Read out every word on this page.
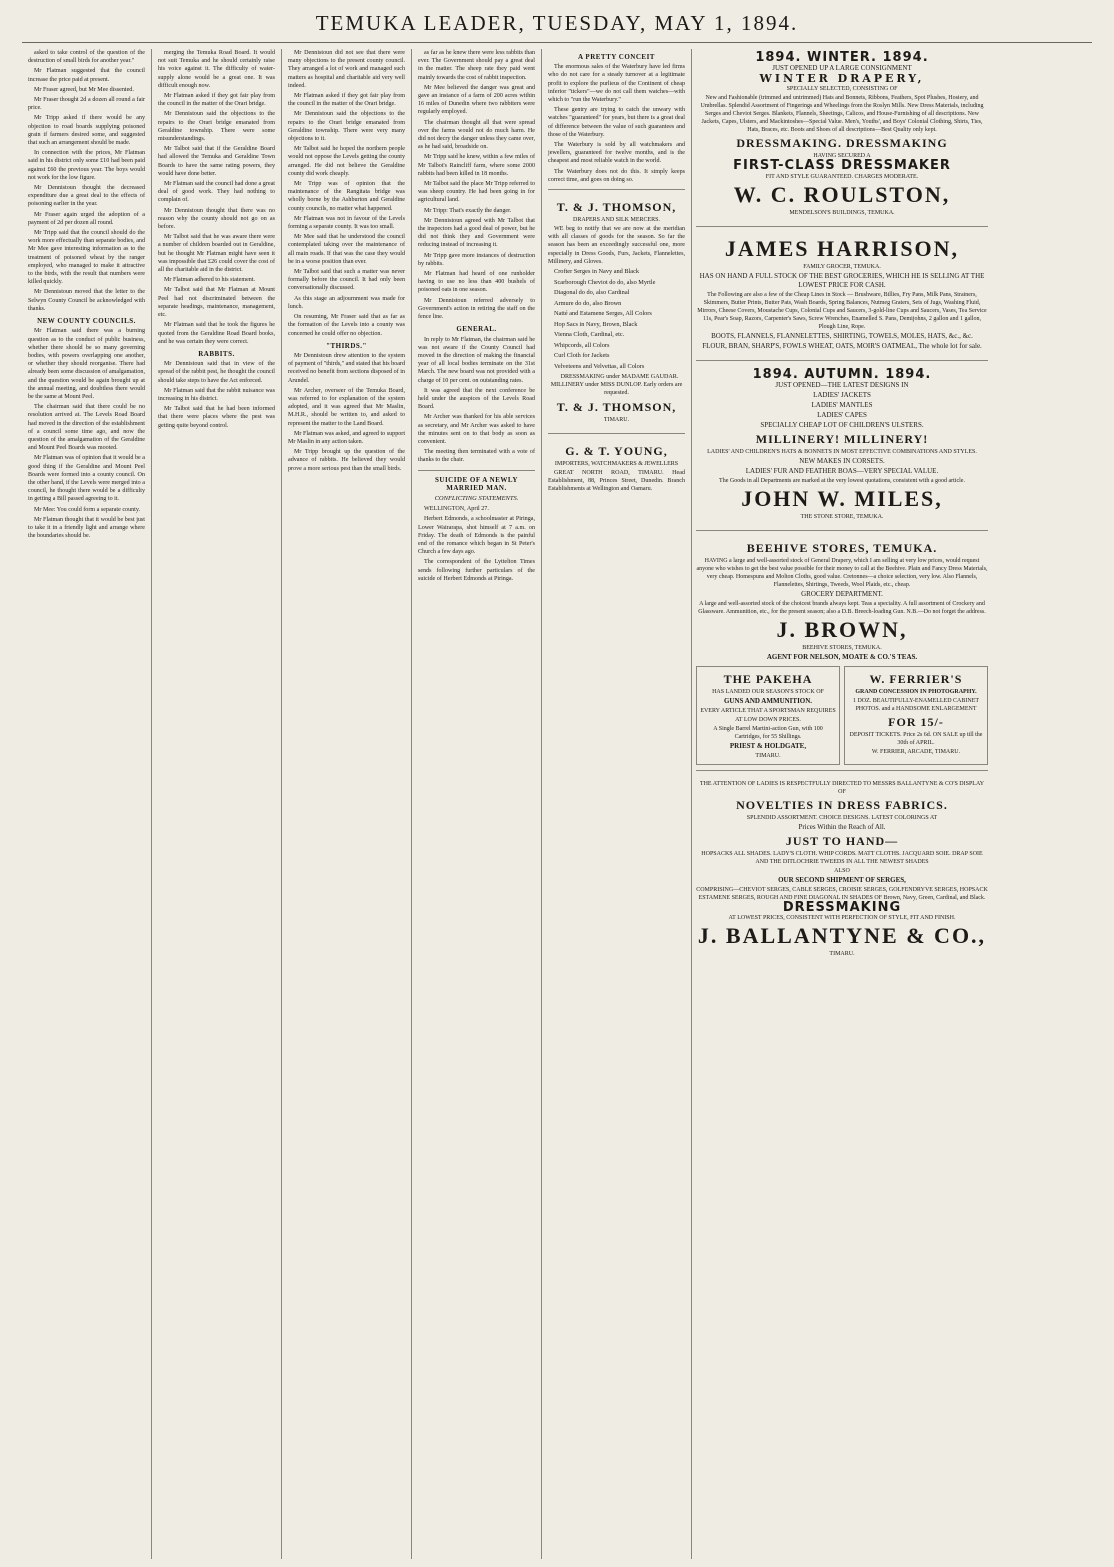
TEMUKA LEADER, TUESDAY, MAY 1, 1894.

asked to take control of the question of the destruction of small birds for another year."

Mr Flatman suggested that the council increase the price paid at present.

Mr Fraser agreed, but Mr Mee dissented.

Mr Fraser thought 2d a dozen all round a fair price.

Mr Tripp asked if there would be any objection to road boards supplying poisoned grain if farmers desired some, and suggested that such an arrangement should be made.

In connection with the prices, Mr Flatman said in his district only some £10 had been paid against £60 the previous year. The boys would not work for the low figure.

Mr Dennistoun thought the decreased expenditure due a great deal to the effects of poisoning earlier in the year.

Mr Fraser again urged the adoption of a payment of 2d per dozen all round.

Mr Tripp said that the council should do the work more effectually than separate bodies, and Mr Mee gave interesting information as to the treatment of poisoned wheat by the ranger employed, who managed to make it attractive to the birds, with the result that numbers were killed quickly.

Mr Dennistoun moved that the letter to the Selwyn County Council be acknowledged with thanks.

NEW COUNTY COUNCILS.

Mr Flatman said there was a burning question as to the conduct of public business, whether there should be so many governing bodies, with powers overlapping one another, or whether they should reorganise. There had already been some discussion of amalgamation, and the question would be again brought up at the annual meeting, and doubtless there would be the same at Mount Peel.

The chairman said that there could be no resolution arrived at. The Levels Road Board had moved in the direction of the establishment of a council some time ago, and now the question of the amalgamation of the Geraldine and Mount Peel Boards was mooted.

Mr Flatman was of opinion that it would be a good thing if the Geraldine and Mount Peel Boards were formed into a county council. On the other hand, if the Levels were merged into a council, he thought there would be a difficulty in getting a Bill passed agreeing to it.

Mr Mee: You could form a separate county.

Mr Flatman thought that it would be best just to take it in a friendly light and arrange where the boundaries should be.

merging the Temuka Road Board. It would not suit Temuka and he should certainly raise his voice against it. The difficulty of water-supply alone would be a great one. It was difficult enough now.

Mr Flatman asked if they got fair play from the council in the matter of the Orari bridge.

Mr Dennistoun said the objections to the repairs to the Orari bridge emanated from Geraldine township. There were some misunderstandings.

Mr Talbot said that if the Geraldine Board had allowed the Temuka and Geraldine Town Boards to have the same rating powers, they would have done better.

Mr Flatman said the council had done a great deal of good work. They had nothing to complain of.

Mr Dennistoun thought that there was no reason why the county should not go on as before.

Mr Talbot said that he was aware there were a number of children boarded out in Geraldine, but he thought Mr Flatman might have seen it was impossible that £26 could cover the cost of all the charitable aid in the district.

Mr Flatman adhered to his statement.

Mr Talbot said that Mr Flatman at Mount Peel had not discriminated between the separate headings, maintenance, management, etc.

Mr Flatman said that he took the figures he quoted from the Geraldine Road Board books, and he was certain they were correct.

RABBITS.

Mr Dennistoun said that in view of the spread of the rabbit pest, he thought the council should take steps to have the Act enforced.

Mr Flatman said that the rabbit nuisance was increasing in his district.

Mr Talbot said that he had been informed that there were places where the pest was getting quite beyond control.

Mr Dennistoun did not see that there were many objections to the present county council. They arranged a lot of work and managed such matters as hospital and charitable aid very well indeed.

Mr Flatman asked if they got fair play from the council in the matter of the Orari bridge.

Mr Dennistoun said the objections to the repairs to the Orari bridge emanated from Geraldine township. There were very many objections to it.

Mr Talbot said he hoped the northern people would not oppose the Levels getting the county arranged. He did not believe the Geraldine county did work cheaply.

Mr Tripp was of opinion that the maintenance of the Rangitata bridge was wholly borne by the Ashburton and Geraldine county councils, no matter what happened.

Mr Flatman was not in favour of the Levels forming a separate county. It was too small.

Mr Mee said that he understood the council contemplated taking over the maintenance of all main roads. If that was the case they would be in a worse position than ever.

Mr Talbot said that such a matter was never formally before the council. It had only been conversationally discussed.

As this stage an adjournment was made for lunch.

On resuming, Mr Fraser said that as far as the formation of the Levels into a county was concerned he could offer no objection.

"THIRDS."

Mr Dennistoun drew attention to the system of payment of "thirds," and stated that his board received no benefit from sections disposed of in Arundel.

Mr Archer, overseer of the Temuka Board, was referred to for explanation of the system adopted, and it was agreed that Mr Maslin, M.H.R., should be written to, and asked to represent the matter to the Land Board.

Mr Flatman was asked, and agreed to support Mr Maslin in any action taken.

Mr Tripp brought up the question of the advance of rabbits. He believed they would prove a more serious pest than the small birds.

as far as he knew there were less rabbits than ever. The Government should pay a great deal in the matter. The sheep rate they paid went mainly towards the cost of rabbit inspection.

Mr Mee believed the danger was great and gave an instance of a farm of 200 acres within 16 miles of Dunedin where two rabbiters were regularly employed.

The chairman thought all that were spread over the farms would not do much harm. He did not decry the danger unless they came over, as he had said, broadside on.

Mr Tripp said he knew, within a few miles of Mr Talbot's Raincliff farm, where some 2000 rabbits had been killed in 18 months.

Mr Talbot said the place Mr Tripp referred to was sheep country. He had been going in for agricultural land.

Mr Tripp: That's exactly the danger.

Mr Dennistoun agreed with Mr Talbot that the inspectors had a good deal of power, but he did not think they and Government were reducing instead of increasing it.

Mr Tripp gave more instances of destruction by rabbits.

Mr Flatman had heard of one runholder having to use no less than 400 bushels of poisoned oats in one season.

Mr Dennistoun referred adversely to Government's action in retiring the staff on the fence line.

GENERAL.

In reply to Mr Flatman, the chairman said he was not aware if the County Council had moved in the direction of making the financial year of all local bodies terminate on the 31st March. The new board was not provided with a charge of 10 per cent. on outstanding rates.

It was agreed that the next conference be held under the auspices of the Levels Road Board.

Mr Archer was thanked for his able services as secretary, and Mr Archer was asked to have the minutes sent on to that body as soon as convenient.

The meeting then terminated with a vote of thanks to the chair.

SUICIDE OF A NEWLY MARRIED MAN.
CONFLICTING STATEMENTS.

WELLINGTON, April 27.

Herbert Edmonds, a schoolmaster at Piringa, Lower Wairarapa, shot himself at 7 a.m. on Friday. The death of Edmonds is the painful end of the romance which began in St Peter's Church a few days ago.

The correspondent of the Lyttelton Times sends following further particulars of the suicide of Herbert Edmonds at Piringa.

A PRETTY CONCEIT

The enormous sales of the Waterbury have led firms who do not care for a steady turnover at a legitimate profit to explore the purlieus of the Continent of cheap inferior "tickers"—we do not call them watches—with which to "run the Waterbury."

These gentry are trying to catch the unwary with watches "guaranteed" for years, but there is a great deal of difference between the value of such guarantees and those of the Waterbury.

The Waterbury is sold by all watchmakers and jewellers, guaranteed for twelve months, and is the cheapest and most reliable watch in the world.

The Waterbury does not do this. It simply keeps correct time, and goes on doing so.

T. & J. THOMSON,
DRAPERS AND SILK MERCERS.

WE beg to notify that we are now at the meridian with all classes of goods for the season. So far the season has been an exceedingly successful one, more especially in Dress Goods, Furs, Jackets, Flannelettes, Millinery, and Gloves.

Crofter Serges in Navy and Black

Scarborough Cheviot do do, also Myrtle

Diagonal do do, also Cardinal

Armure do do, also Brown

Natté and Estamene Serges, All Colors

Hop Sacs in Navy, Brown, Black

Vienna Cloth, Cardinal, etc.

Whipcords, all Colors

Curl Cloth for Jackets

Velveteens and Velvettas, all Colors

DRESSMAKING under MADAME GAUDAR. MILLINERY under MISS DUNLOP. Early orders are requested.

T. & J. THOMSON,
TIMARU.
G. & T. YOUNG,
IMPORTERS, WATCHMAKERS & JEWELLERS

GREAT NORTH ROAD, TIMARU. Head Establishment, 88, Princes Street, Dunedin. Branch Establishments at Wellington and Oamaru.

1894. WINTER. 1894.
JUST OPENED UP A LARGE CONSIGNMENT
WINTER DRAPERY,
SPECIALLY SELECTED, CONSISTING OF
New and Fashionable (trimmed and untrimmed) Hats and Bonnets, Ribbons, Feathers, Spot Plushes, Hosiery, and Umbrellas. Splendid Assortment of Fingerings and Wheelings from the Roslyn Mills. New Dress Materials, including Serges and Cheviot Serges. Blankets, Flannels, Sheetings, Calicos, and House-Furnishing of all descriptions. New Jackets, Capes, Ulsters, and Mackintoshes—Special Value. Men's, Youths', and Boys' Colonial Clothing, Shirts, Ties, Hats, Braces, etc. Boots and Shoes of all descriptions—Best Quality only kept.
DRESSMAKING. DRESSMAKING
HAVING SECURED A
FIRST-CLASS DRESSMAKER
FIT AND STYLE GUARANTEED. CHARGES MODERATE.
W. C. ROULSTON,
MENDELSON'S BUILDINGS, TEMUKA.
JAMES HARRISON,
FAMILY GROCER, TEMUKA.
HAS ON HAND A FULL STOCK OF THE BEST GROCERIES, WHICH HE IS SELLING AT THE LOWEST PRICE FOR CASH.
The Following are also a few of the Cheap Lines in Stock — Brushware, Billies, Fry Pans, Milk Pans, Strainers, Skimmers, Butter Prints, Butter Pats, Wash Boards, Spring Balances, Nutmeg Graters, Sets of Jugs, Washing Fluid, Mirrors, Cheese Covers, Moustache Cups, Colonial Cups and Saucers, 3-gold-line Cups and Saucers, Vases, Tea Service 11s, Pear's Soap, Razors, Carpenter's Saws, Screw Wrenches, Enamelled S. Pans, Demijohns, 2 gallon and 1 gallon, Plough Line, Rope.
BOOTS, FLANNELS, FLANNELETTES, SHIRTING, TOWELS, MOLES, HATS, &c., &c.
FLOUR, BRAN, SHARP'S, FOWLS WHEAT, OATS, MOIR'S OATMEAL, The whole lot for sale.
1894. AUTUMN. 1894.
JUST OPENED—THE LATEST DESIGNS IN
LADIES' JACKETS
LADIES' MANTLES
LADIES' CAPES
SPECIALLY CHEAP LOT OF CHILDREN'S ULSTERS.
MILLINERY! MILLINERY!
LADIES' AND CHILDREN'S HATS & BONNETS IN MOST EFFECTIVE COMBINATIONS AND STYLES.
NEW MAKES IN CORSETS.
LADIES' FUR AND FEATHER BOAS—VERY SPECIAL VALUE.
The Goods in all Departments are marked at the very lowest quotations, consistent with a good article.
JOHN W. MILES,
THE STONE STORE, TEMUKA.
BEEHIVE STORES, TEMUKA.
HAVING a large and well-assorted stock of General Drapery, which I am selling at very low prices, would request anyone who wishes to get the best value possible for their money to call at the Beehive. Plain and Fancy Dress Materials, very cheap. Homespuns and Molton Cloths, good value. Cretonnes—a choice selection, very low. Also Flannels, Flannelettes, Shirtings, Tweeds, Wool Plaids, etc., cheap.
GROCERY DEPARTMENT.
A large and well-assorted stock of the choicest brands always kept. Teas a speciality. A full assortment of Crockery and Glassware. Ammunition, etc., for the present season; also a D.B. Breech-loading Gun. N.B.—Do not forget the address.
J. BROWN,
BEEHIVE STORES, TEMUKA.
AGENT FOR NELSON, MOATE & CO.'S TEAS.
THE PAKEHA
HAS LANDED OUR SEASON'S STOCK OF
GUNS AND AMMUNITION.
EVERY ARTICLE THAT A SPORTSMAN REQUIRES
AT LOW DOWN PRICES.
A Single Barrel Martini-action Gun, with 100 Cartridges, for 55 Shillings.
PRIEST & HOLDGATE,
TIMARU.
W. FERRIER'S
GRAND CONCESSION IN PHOTOGRAPHY.
1 DOZ. BEAUTIFULLY-ENAMELLED CABINET PHOTOS. and a HANDSOME ENLARGEMENT
FOR 15/-
DEPOSIT TICKETS. Price 2s 6d. ON SALE up till the 30th of APRIL.
W. FERRIER, ARCADE, TIMARU.
THE ATTENTION OF LADIES IS RESPECTFULLY DIRECTED TO MESSRS BALLANTYNE & CO'S DISPLAY OF
NOVELTIES IN DRESS FABRICS.
SPLENDID ASSORTMENT. CHOICE DESIGNS. LATEST COLORINGS AT
Prices Within the Reach of All.
JUST TO HAND—
HOPSACKS ALL SHADES. LADY'S CLOTH. WHIP CORDS. MATT CLOTHS. JACQUARD SOIE. DRAP SOIE AND THE DITLOCHRIE TWEEDS IN ALL THE NEWEST SHADES
ALSO
OUR SECOND SHIPMENT OF SERGES,
COMPRISING—CHEVIOT SERGES, CABLE SERGES, CROISIE SERGES, GOLFENDRYVE SERGES, HOPSACK ESTAMENE SERGES, ROUGH AND FINE DIAGONAL IN SHADES OF Brown, Navy, Green, Cardinal, and Black.
DRESSMAKING
AT LOWEST PRICES, CONSISTENT WITH PERFECTION OF STYLE, FIT AND FINISH.
J. BALLANTYNE & CO.,
TIMARU.
